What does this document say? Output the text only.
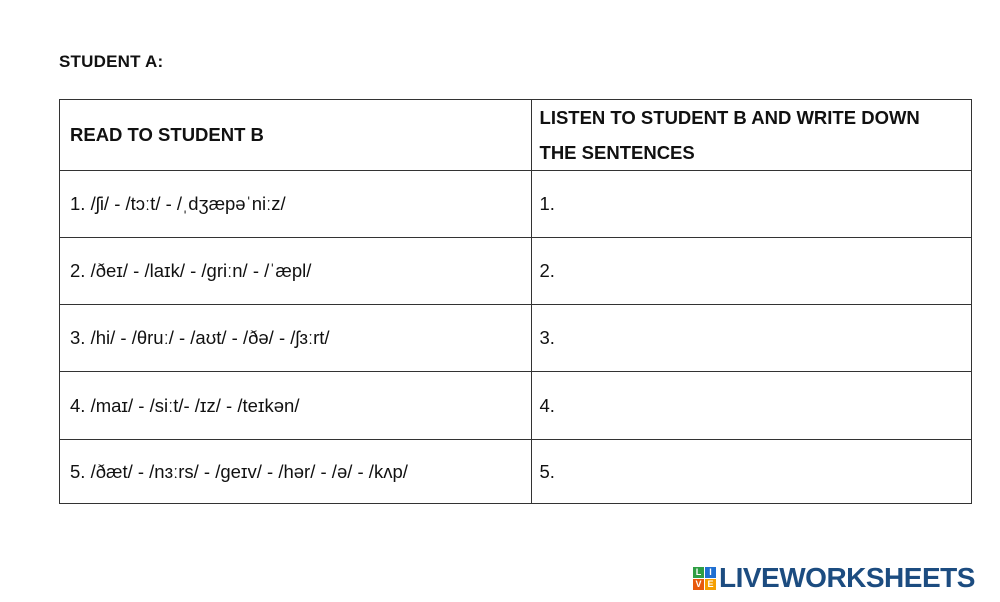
STUDENT A:
READ TO STUDENT B	LISTEN TO STUDENT B AND WRITE DOWN THE SENTENCES
1. /ʃi/ - /tɔːt/ - /ˌdʒæpəˈniːz/	1.
2. /ðeɪ/ - /laɪk/ - /griːn/ - /ˈæpl/	2.
3. /hi/ - /θruː/ - /aʊt/ - /ðə/ - /ʃɜːrt/	3.
4. /maɪ/ - /siːt/- /ɪz/ - /teɪkən/	4.
5. /ðæt/ - /nɜːrs/ - /geɪv/ - /hər/ - /ə/ - /kʌp/	5.
L I
V E LIVEWORKSHEETS
